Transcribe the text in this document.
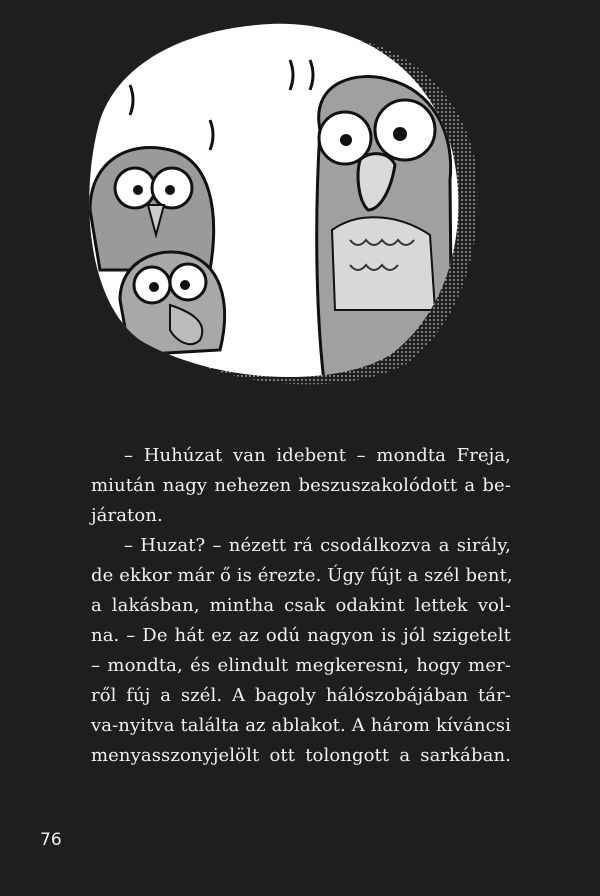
– Huhúzat van idebent – mondta Freja,
miután nagy nehezen beszuszakolódott a be-
járaton.
– Huzat? – nézett rá csodálkozva a sirály,
de ekkor már ő is érezte. Úgy fújt a szél bent,
a lakásban, mintha csak odakint lettek vol-
na. – De hát ez az odú nagyon is jól szigetelt
– mondta, és elindult megkeresni, hogy mer-
ről fúj a szél. A bagoly hálószobájában tár-
va-nyitva találta az ablakot. A három kíváncsi
menyasszonyjelölt ott tolongott a sarkában.
76
